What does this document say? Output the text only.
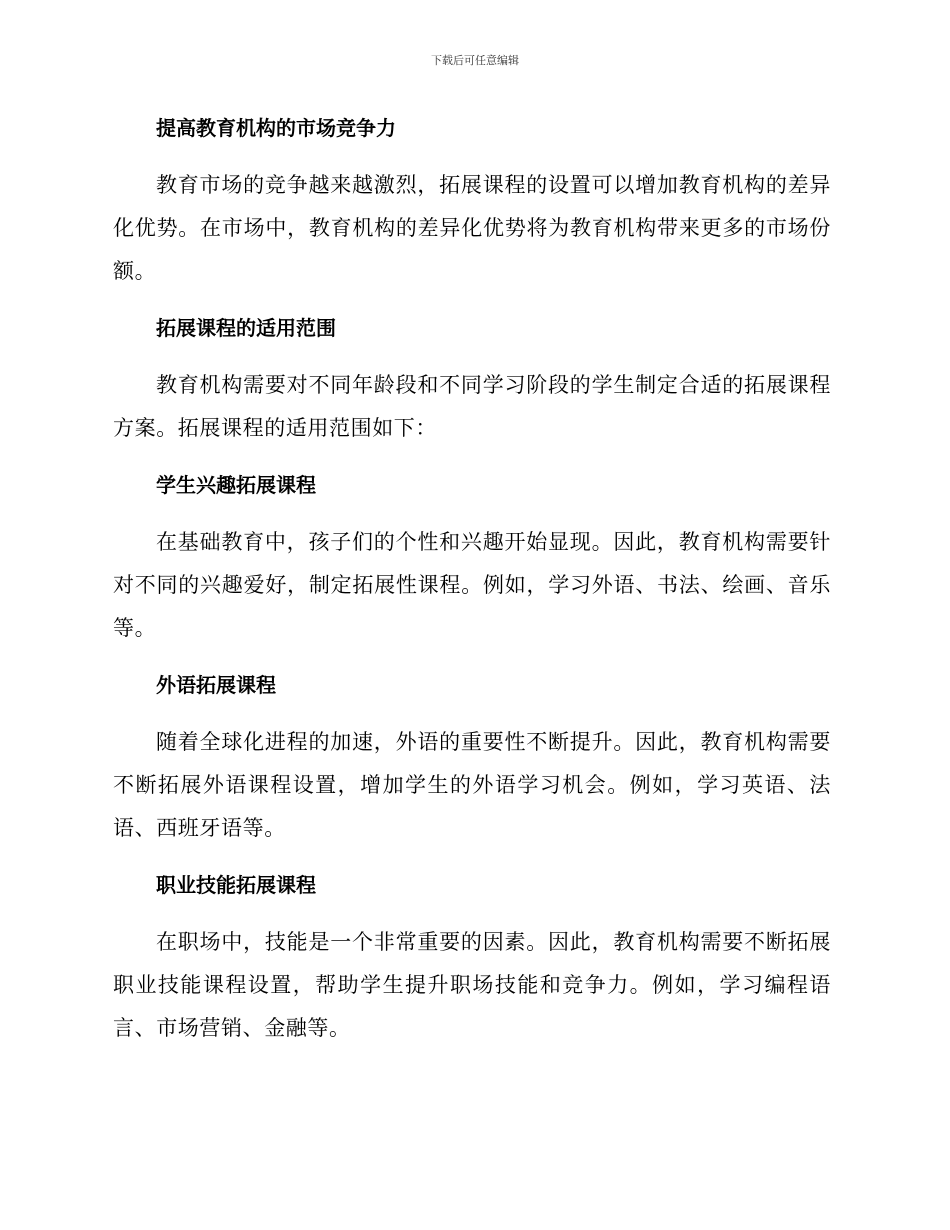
下载后可任意编辑
提高教育机构的市场竞争力
教育市场的竞争越来越激烈，拓展课程的设置可以增加教育机构的差异化优势。在市场中，教育机构的差异化优势将为教育机构带来更多的市场份额。
拓展课程的适用范围
教育机构需要对不同年龄段和不同学习阶段的学生制定合适的拓展课程方案。拓展课程的适用范围如下：
学生兴趣拓展课程
在基础教育中，孩子们的个性和兴趣开始显现。因此，教育机构需要针对不同的兴趣爱好，制定拓展性课程。例如，学习外语、书法、绘画、音乐等。
外语拓展课程
随着全球化进程的加速，外语的重要性不断提升。因此，教育机构需要不断拓展外语课程设置，增加学生的外语学习机会。例如，学习英语、法语、西班牙语等。
职业技能拓展课程
在职场中，技能是一个非常重要的因素。因此，教育机构需要不断拓展职业技能课程设置，帮助学生提升职场技能和竞争力。例如，学习编程语言、市场营销、金融等。
